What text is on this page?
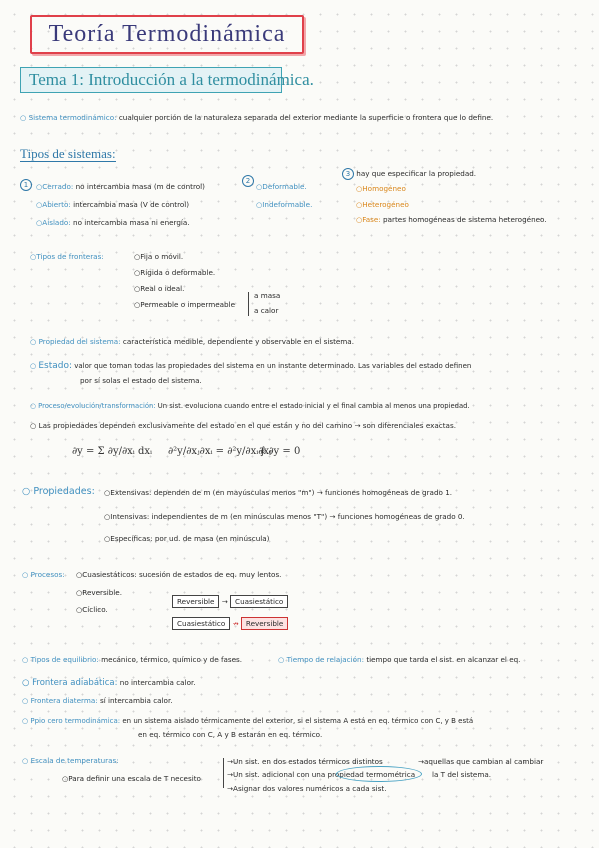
Teoría Termodinámica
Tema 1: Introducción a la termodinámica.
○ Sistema termodinámico: cualquier porción de la naturaleza separada del exterior mediante la superficie o frontera que lo define.
Tipos de sistemas:
1	○Cerrado: no intercambia masa (m de control)
○Abierto: intercambia masa (V de control)
○Aislado: no intercambia masa ni energía.
2
○Deformable.
○Indeformable.
3 hay que especificar la propiedad.
○Homogéneo
○Heterogéneo
○Fase: partes homogéneas de sistema heterogéneo.
○Tipos de fronteras:	○Fija o móvil.
○Rígida o deformable.
○Real o ideal.
○Permeable o impermeable
a masa
a calor
○ Propiedad del sistema: característica medible, dependiente y observable en el sistema.
○ Estado: valor que toman todas las propiedades del sistema en un instante determinado. Las variables del estado definen
por sí solas el estado del sistema.
○ Proceso/evolución/transformación: Un sist. evoluciona cuando entre el estado inicial y el final cambia al menos una propiedad.
○ Las propiedades dependen exclusivamente del estado en el que están y no del camino → son diferenciales exactas.
∂y = Σ ∂y/∂xᵢ dxᵢ ∂²y/∂xⱼ∂xᵢ = ∂²y/∂xᵢ∂xⱼ
∮ ∂y = 0
○ Propiedades: ○Extensivas: dependen de m (en mayúsculas menos "m") → funciones homogéneas de grado 1.
○Intensivas: independientes de m (en minúsculas menos "T") → funciones homogéneas de grado 0.
○Específicas: por ud. de masa (en minúscula)
○ Procesos: ○Cuasiestáticos: sucesión de estados de eq. muy lentos.
○Reversible.
○Cíclico.
Reversible → Cuasiestático
Cuasiestático ↛ Reversible
○ Tipos de equilibrio: mecánico, térmico, químico y de fases.	○ Tiempo de relajación: tiempo que tarda el sist. en alcanzar el eq.
○ Frontera adiabática: no intercambia calor.
○ Frontera diaterma: sí intercambia calor.
○ Ppio cero termodinámica: en un sistema aislado térmicamente del exterior, si el sistema A está en eq. térmico con C, y B está
en eq. térmico con C, A y B estarán en eq. térmico.
○ Escala de temperaturas:
○Para definir una escala de T necesito
→Un sist. en dos estados térmicos distintos
→Un sist. adicional con una propiedad termométrica
→Asignar dos valores numéricos a cada sist.
→aquellas que cambian al cambiar
la T del sistema.
